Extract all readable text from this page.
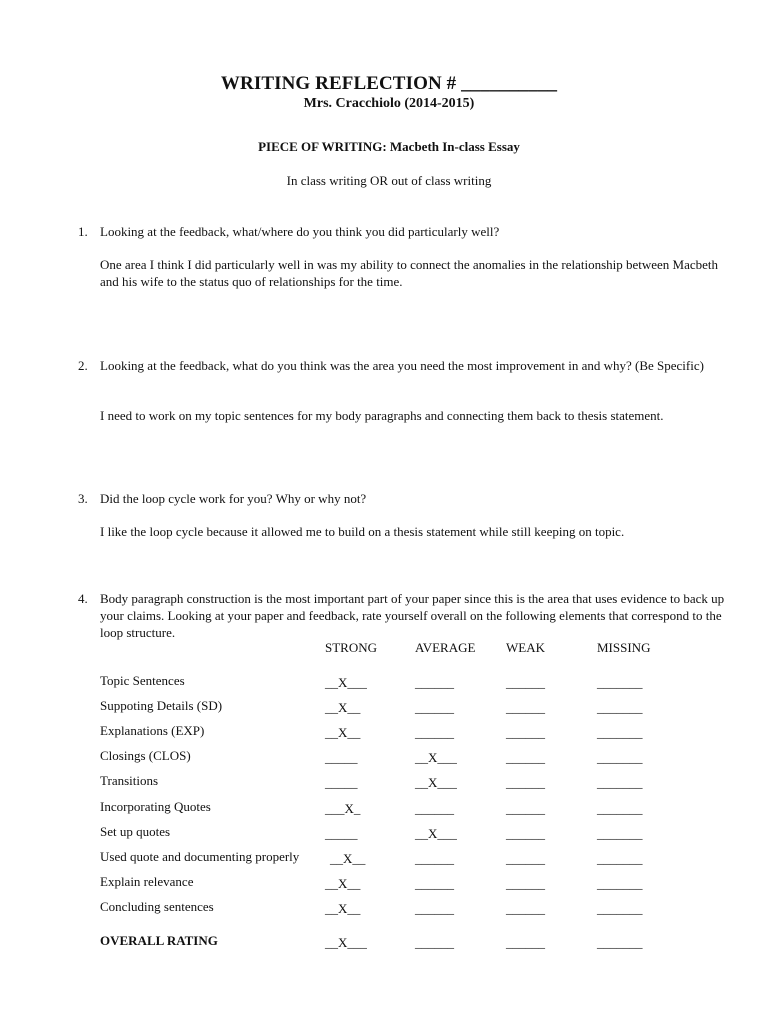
WRITING REFLECTION # __________
Mrs. Cracchiolo (2014-2015)
PIECE OF WRITING: Macbeth In-class Essay
In class writing OR out of class writing
1. Looking at the feedback, what/where do you think you did particularly well?
One area I think I did particularly well in was my ability to connect the anomalies in the relationship between Macbeth and his wife to the status quo of relationships for the time.
2. Looking at the feedback, what do you think was the area you need the most improvement in and why? (Be Specific)
I need to work on my topic sentences for my body paragraphs and connecting them back to thesis statement.
3. Did the loop cycle work for you? Why or why not?
I like the loop cycle because it allowed me to build on a thesis statement while still keeping on topic.
4. Body paragraph construction is the most important part of your paper since this is the area that uses evidence to back up your claims. Looking at your paper and feedback, rate yourself overall on the following elements that correspond to the loop structure.
STRONG	AVERAGE WEAK	MISSING
Topic Sentences	__X___	______	______	_______
Suppoting Details (SD)	__X__	______	______	_______
Explanations (EXP)	__X__	______	______	_______
Closings (CLOS)	_____	__X___	______	_______
Transitions	_____	__X___	______	_______
Incorporating Quotes	___X_	______	______	_______
Set up quotes	_____	__X___	______	_______
Used quote and documenting properly __X__	______	______	_______
Explain relevance	__X__	______	______	_______
Concluding sentences	__X__	______	______	_______
OVERALL RATING	__X___	______	______	_______
